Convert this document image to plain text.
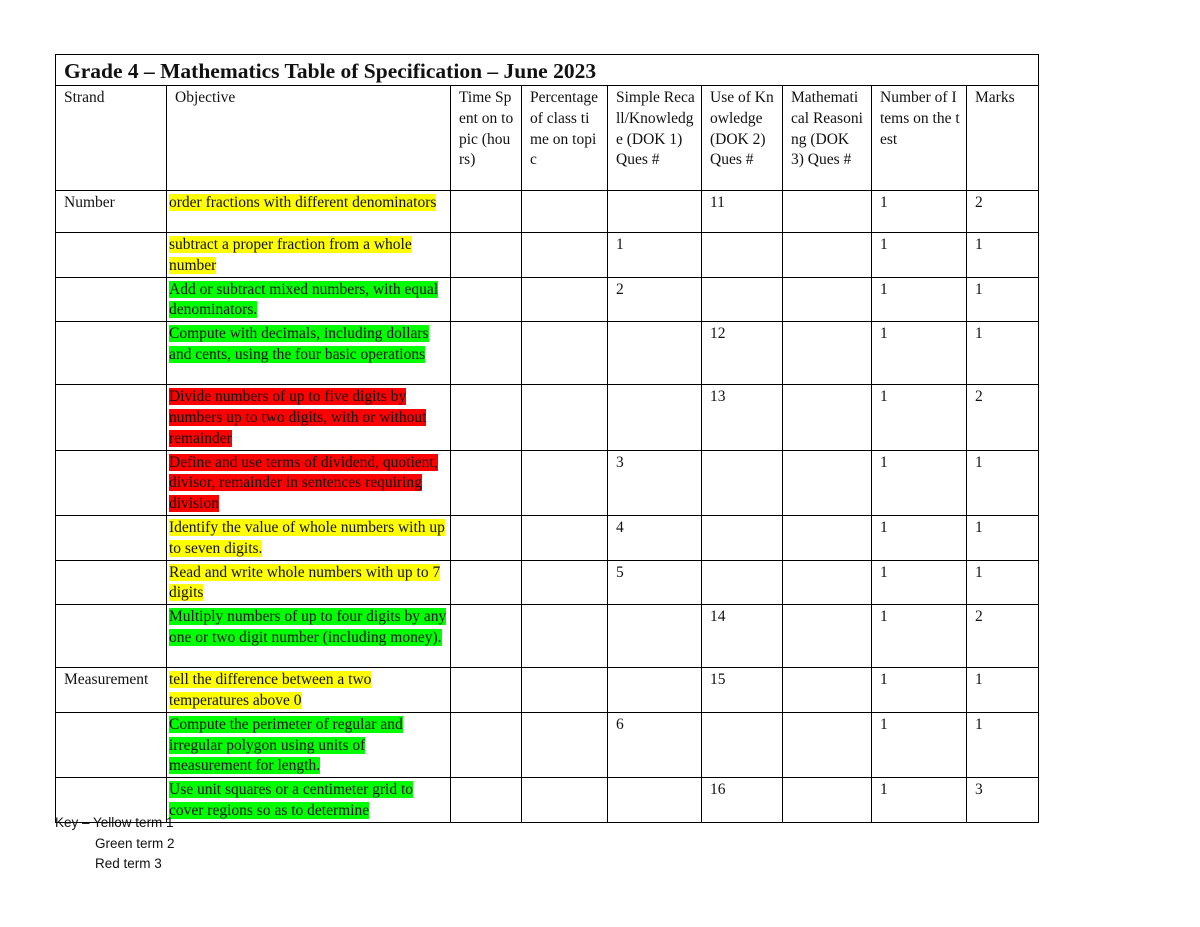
Grade 4 – Mathematics Table of Specification – June 2023								
Strand	Objective	Time Spent on topic (hours)	Percentage of class time on topic	Simple Recall/Knowledge (DOK 1) Ques #	Use of Knowledge (DOK 2) Ques #	Mathematical Reasoning (DOK 3) Ques #	Number of Items on the test	Marks
Number	order fractions with different denominators				11		1	2
	subtract a proper fraction from a whole number			1			1	1
	Add or subtract mixed numbers, with equal denominators.			2			1	1
	Compute with decimals, including dollars and cents, using the four basic operations				12		1	1
	Divide numbers of up to five digits by numbers up to two digits, with or without remainder				13		1	2
	Define and use terms of dividend, quotient, divisor, remainder in sentences requiring division			3			1	1
	Identify the value of whole numbers with up to seven digits.			4			1	1
	Read and write whole numbers with up to 7 digits			5			1	1
	Multiply numbers of up to four digits by any one or two digit number (including money).				14		1	2
Measurement	tell the difference between a two temperatures above 0				15		1	1
	Compute the perimeter of regular and irregular polygon using units of measurement for length.			6			1	1
	Use unit squares or a centimeter grid to cover regions so as to determine				16		1	3
Key – Yellow term 1
Green term 2
Red term 3
